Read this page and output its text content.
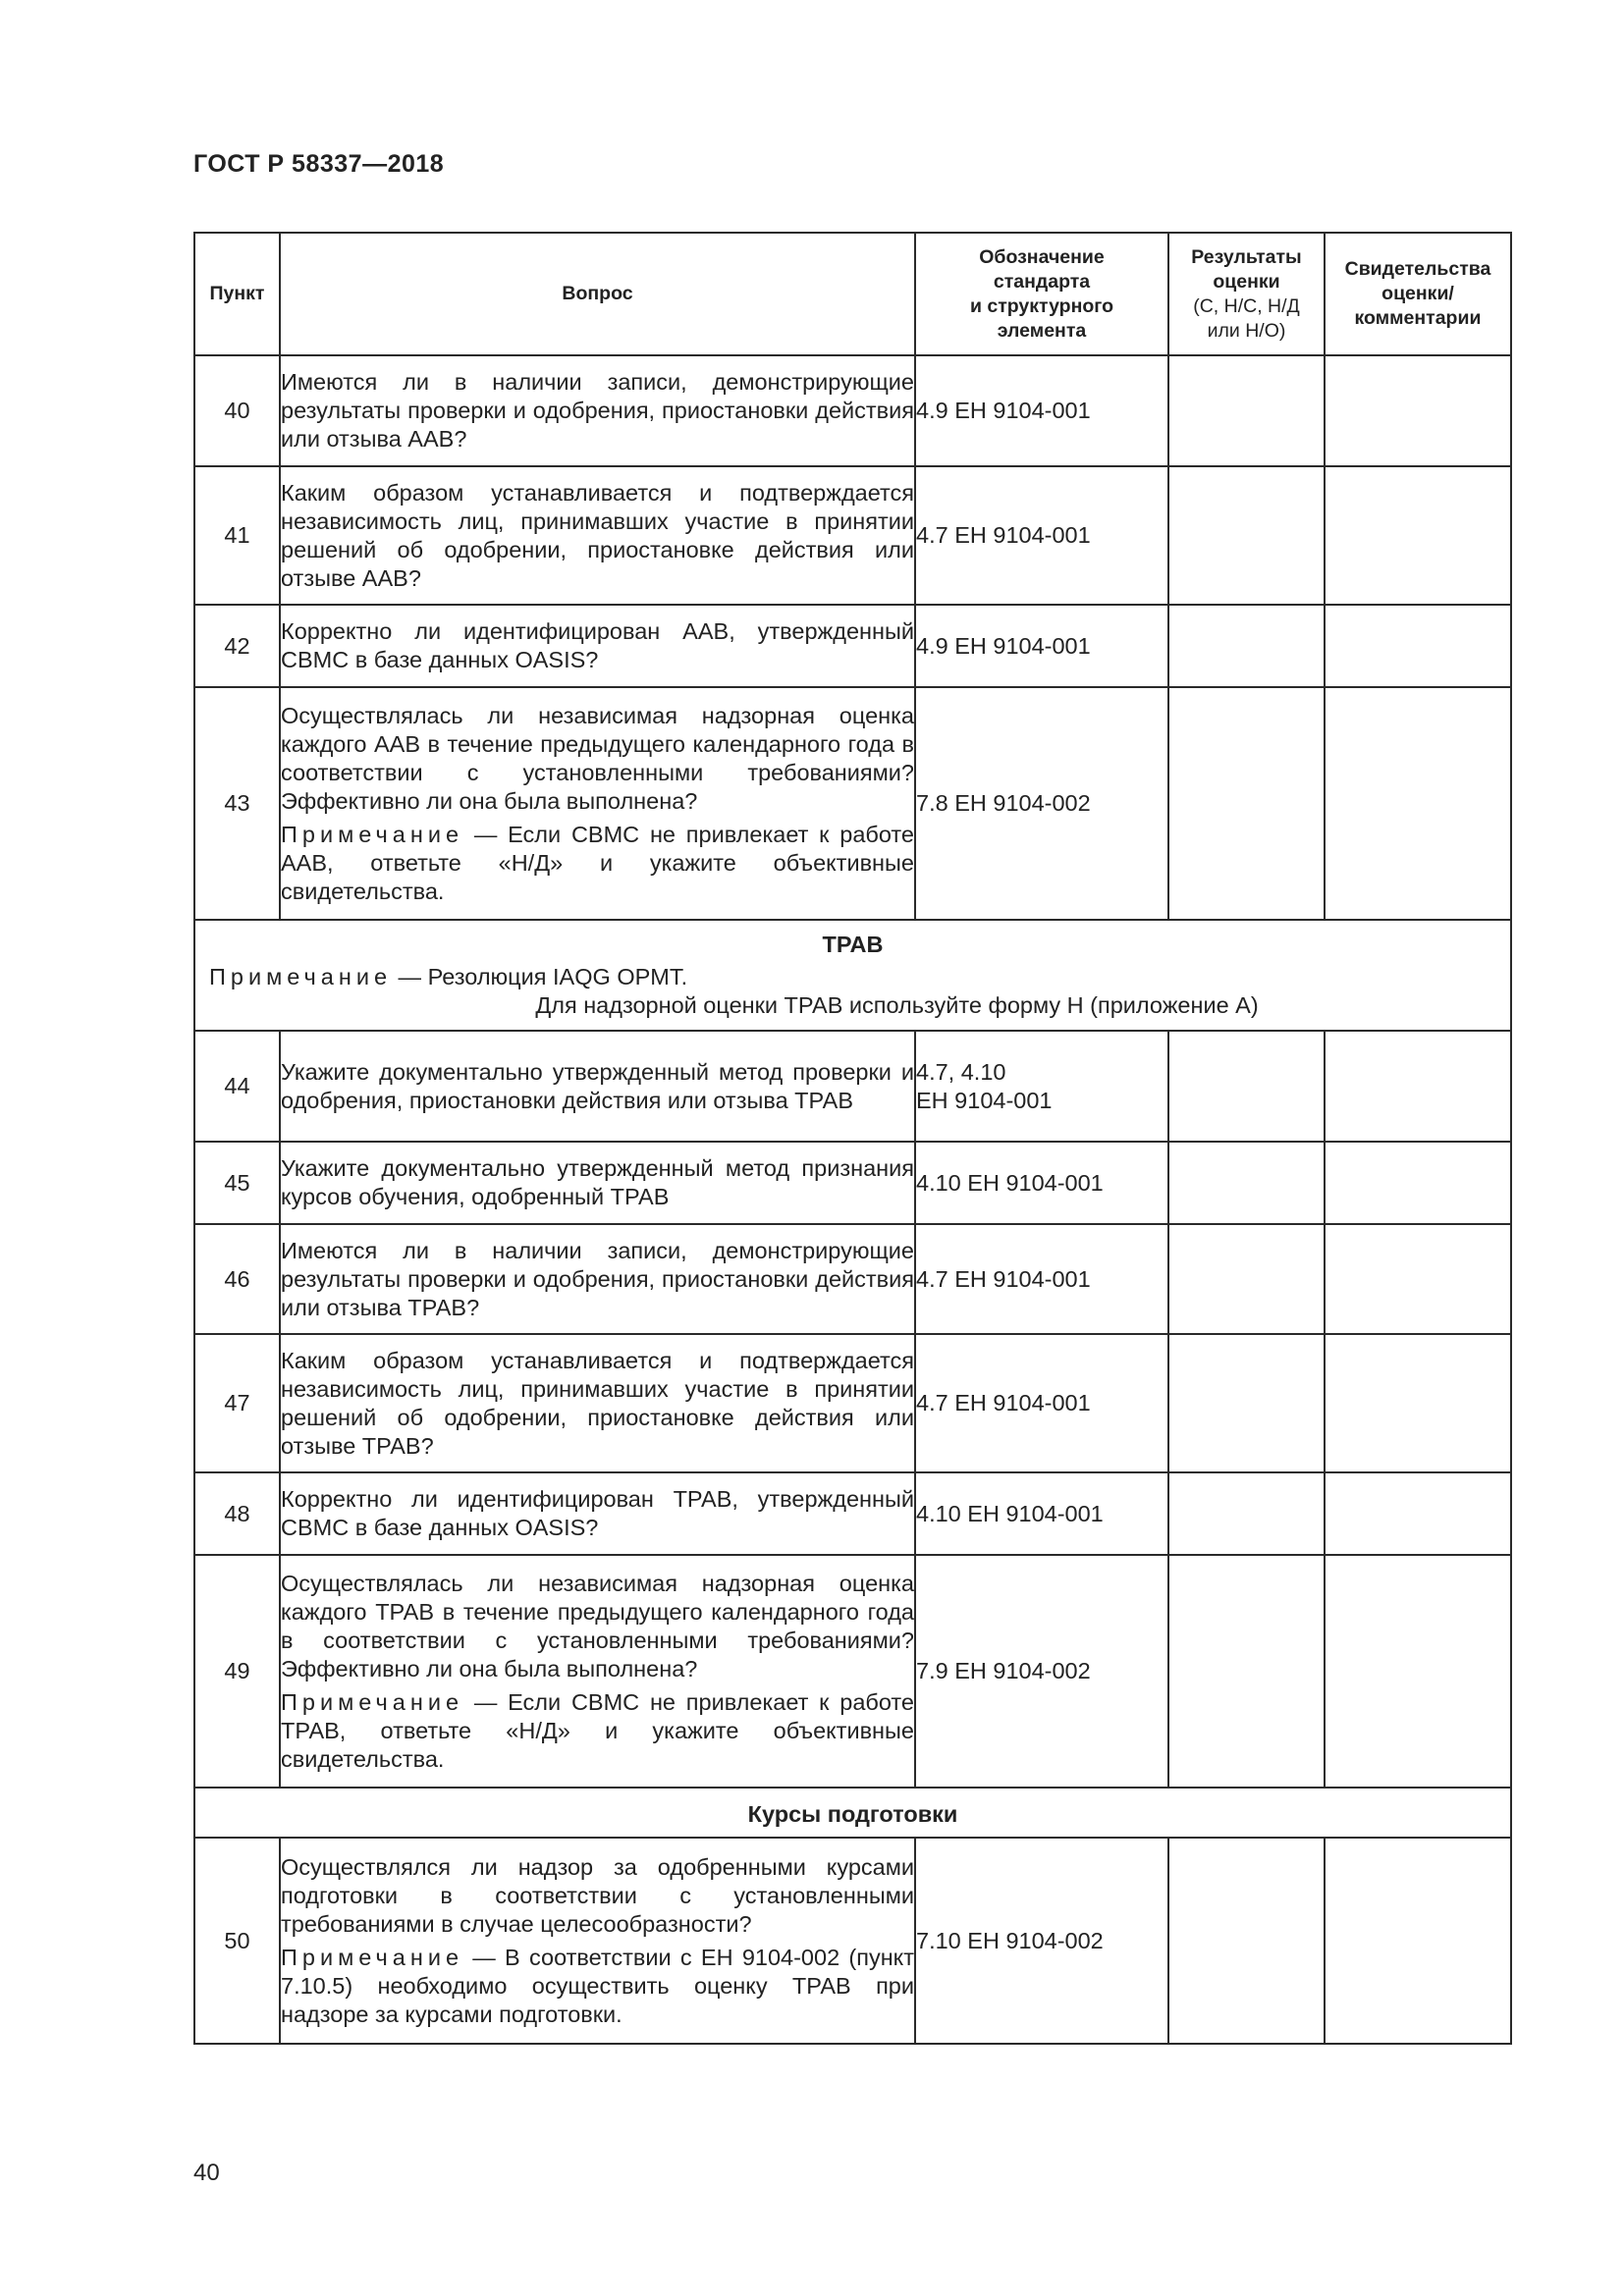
ГОСТ Р 58337—2018
Пункт	Вопрос	Обозначение
стандарта
и структурного
элемента	Результаты
оценки
(С, Н/С, Н/Д
или Н/О)	Свидетельства
оценки/
комментарии
40	Имеются ли в наличии записи, демонстрирующие результаты проверки и одобрения, приостановки действия или отзыва ААВ?	4.9 ЕН 9104-001		
41	Каким образом устанавливается и подтверждается независимость лиц, принимавших участие в принятии решений об одобрении, приостановке действия или отзыве ААВ?	4.7 ЕН 9104-001		
42	Корректно ли идентифицирован ААВ, утвержденный СВМС в базе данных OASIS?	4.9 ЕН 9104-001		
43	Осуществлялась ли независимая надзорная оценка каждого ААВ в течение предыдущего календарного года в соответствии с установленными требованиями? Эффективно ли она была выполнена?

Примечание — Если СВМС не привлекает к работе ААВ, ответьте «Н/Д» и укажите объективные свидетельства.	7.8 ЕН 9104-002		

ТРАВ
Примечание — Резолюция IAQG OPMT.
Для надзорной оценки ТРАВ используйте форму Н (приложение А)				

44	Укажите документально утвержденный метод проверки и одобрения, приостановки действия или отзыва ТРАВ	4.7, 4.10
ЕН 9104-001		
45	Укажите документально утвержденный метод признания курсов обучения, одобренный ТРАВ	4.10 ЕН 9104-001		
46	Имеются ли в наличии записи, демонстрирующие результаты проверки и одобрения, приостановки действия или отзыва ТРАВ?	4.7 ЕН 9104-001		
47	Каким образом устанавливается и подтверждается независимость лиц, принимавших участие в принятии решений об одобрении, приостановке действия или отзыве ТРАВ?	4.7 ЕН 9104-001		
48	Корректно ли идентифицирован ТРАВ, утвержденный СВМС в базе данных OASIS?	4.10 ЕН 9104-001		
49	Осуществлялась ли независимая надзорная оценка каждого ТРАВ в течение предыдущего календарного года в соответствии с установленными требованиями? Эффективно ли она была выполнена?

Примечание — Если СВМС не привлекает к работе ТРАВ, ответьте «Н/Д» и укажите объективные свидетельства.	7.9 ЕН 9104-002		
Курсы подготовки				
50	Осуществлялся ли надзор за одобренными курсами подготовки в соответствии с установленными требованиями в случае целесообразности?

Примечание — В соответствии с ЕН 9104-002 (пункт 7.10.5) необходимо осуществить оценку ТРАВ при надзоре за курсами подготовки.	7.10 ЕН 9104-002		
40
